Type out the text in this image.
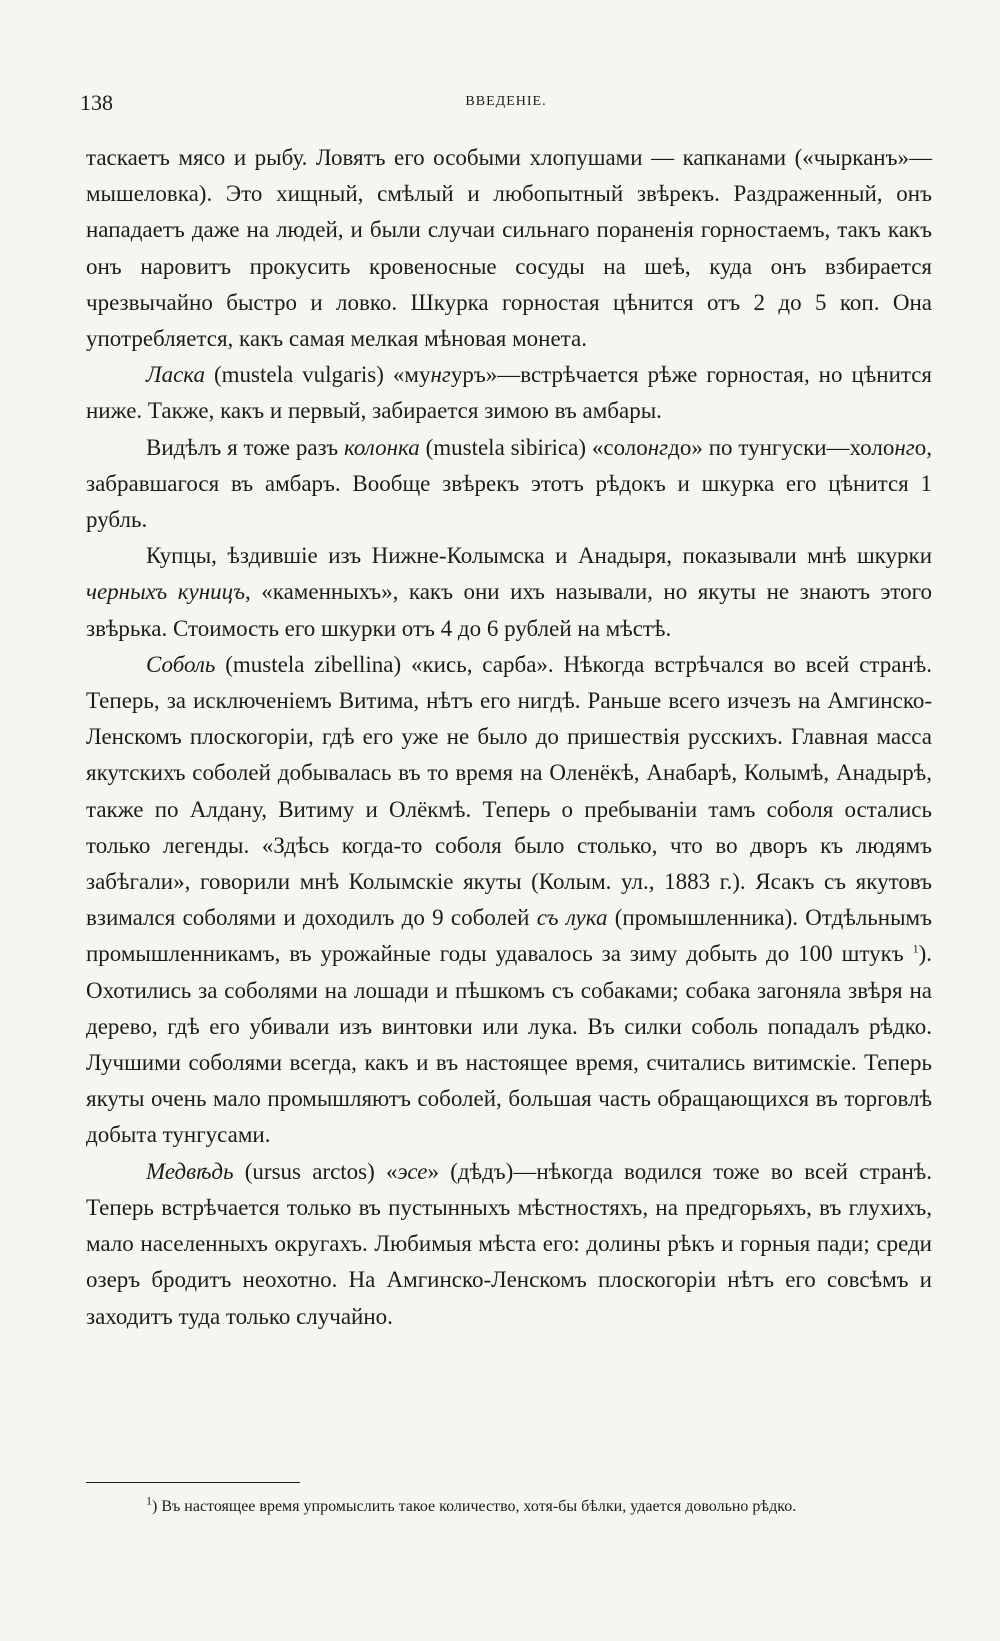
138	ВВЕДЕНІЕ.

таскаетъ мясо и рыбу. Ловятъ его особыми хлопушами — капканами («чырканъ»—мышеловка). Это хищный, смѣлый и любопытный звѣрекъ. Раздраженный, онъ нападаетъ даже на людей, и были случаи сильнаго пораненія горностаемъ, такъ какъ онъ наровитъ прокусить кровеносные сосуды на шеѣ, куда онъ взбирается чрезвычайно быстро и ловко. Шкурка горностая цѣнится отъ 2 до 5 коп. Она употребляется, какъ самая мелкая мѣновая монета.

Ласка (mustela vulgaris) «мунгуръ»—встрѣчается рѣже горностая, но цѣнится ниже. Также, какъ и первый, забирается зимою въ амбары.

Видѣлъ я тоже разъ колонка (mustela sibirica) «солонгдо» по тунгуски—холонго, забравшагося въ амбаръ. Вообще звѣрекъ этотъ рѣдокъ и шкурка его цѣнится 1 рубль.

Купцы, ѣздившіе изъ Нижне-Колымска и Анадыря, показывали мнѣ шкурки черныхъ куницъ, «каменныхъ», какъ они ихъ называли, но якуты не знаютъ этого звѣрька. Стоимость его шкурки отъ 4 до 6 рублей на мѣстѣ.

Соболь (mustela zibellina) «кись, сарба». Нѣкогда встрѣчался во всей странѣ. Теперь, за исключеніемъ Витима, нѣтъ его нигдѣ. Раньше всего изчезъ на Амгинско-Ленскомъ плоскогоріи, гдѣ его уже не было до пришествія русскихъ. Главная масса якутскихъ соболей добывалась въ то время на Оленёкѣ, Анабарѣ, Колымѣ, Анадырѣ, также по Алдану, Витиму и Олёкмѣ. Теперь о пребываніи тамъ соболя остались только легенды. «Здѣсь когда-то соболя было столько, что во дворъ къ людямъ забѣгали», говорили мнѣ Колымскіе якуты (Колым. ул., 1883 г.). Ясакъ съ якутовъ взимался соболями и доходилъ до 9 соболей съ лука (промышленника). Отдѣльнымъ промышленникамъ, въ урожайные годы удавалось за зиму добыть до 100 штукъ $^1$). Охотились за соболями на лошади и пѣшкомъ съ собаками; собака загоняла звѣря на дерево, гдѣ его убивали изъ винтовки или лука. Въ силки соболь попадалъ рѣдко. Лучшими соболями всегда, какъ и въ настоящее время, считались витимскіе. Теперь якуты очень мало промышляютъ соболей, большая часть обращающихся въ торговлѣ добыта тунгусами.

Медвѣдь (ursus arctos) «эсе» (дѣдъ)—нѣкогда водился тоже во всей странѣ. Теперь встрѣчается только въ пустынныхъ мѣстностяхъ, на предгорьяхъ, въ глухихъ, мало населенныхъ округахъ. Любимыя мѣста его: долины рѣкъ и горныя пади; среди озеръ бродитъ неохотно. На Амгинско-Ленскомъ плоскогоріи нѣтъ его совсѣмъ и заходитъ туда только случайно.

$^1$) Въ настоящее время упромыслить такое количество, хотя-бы бѣлки, удается довольно рѣдко.
